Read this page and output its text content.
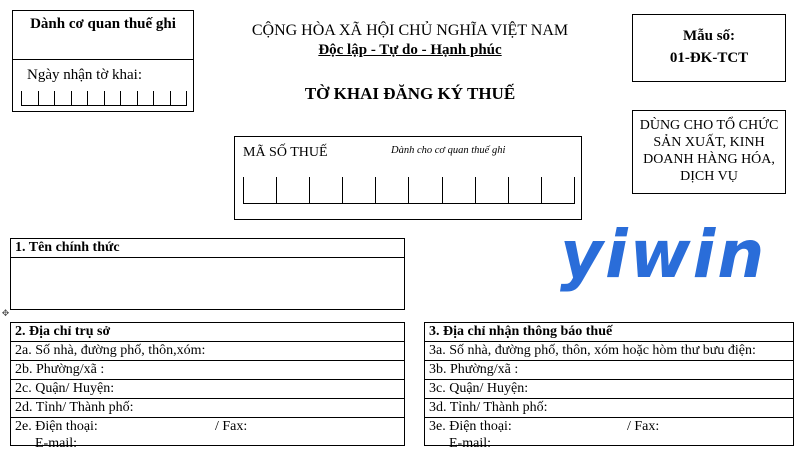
Dành cơ quan thuế ghi
Ngày nhận tờ khai:
CỘNG HÒA XÃ HỘI CHỦ NGHĨA VIỆT NAM
Độc lập - Tự do - Hạnh phúc
TỜ KHAI ĐĂNG KÝ THUẾ
Mẫu số:
01-ĐK-TCT
DÙNG CHO TỔ CHỨC SẢN XUẤT, KINH DOANH HÀNG HÓA, DỊCH VỤ
MÃ SỐ THUẾ	Dành cho cơ quan thuế ghi
yiwin
1. Tên chính thức
✥
2. Địa chỉ trụ sở
2a. Số nhà, đường phố, thôn,xóm:
2b. Phường/xã :
2c. Quận/ Huyện:
2d. Tỉnh/ Thành phố:
2e. Điện thoại:	/ Fax:
E-mail:
3. Địa chỉ nhận thông báo thuế
3a. Số nhà, đường phố, thôn, xóm hoặc hòm thư bưu điện:
3b. Phường/xã :
3c. Quận/ Huyện:
3d. Tỉnh/ Thành phố:
3e. Điện thoại:	/ Fax:
E-mail:
